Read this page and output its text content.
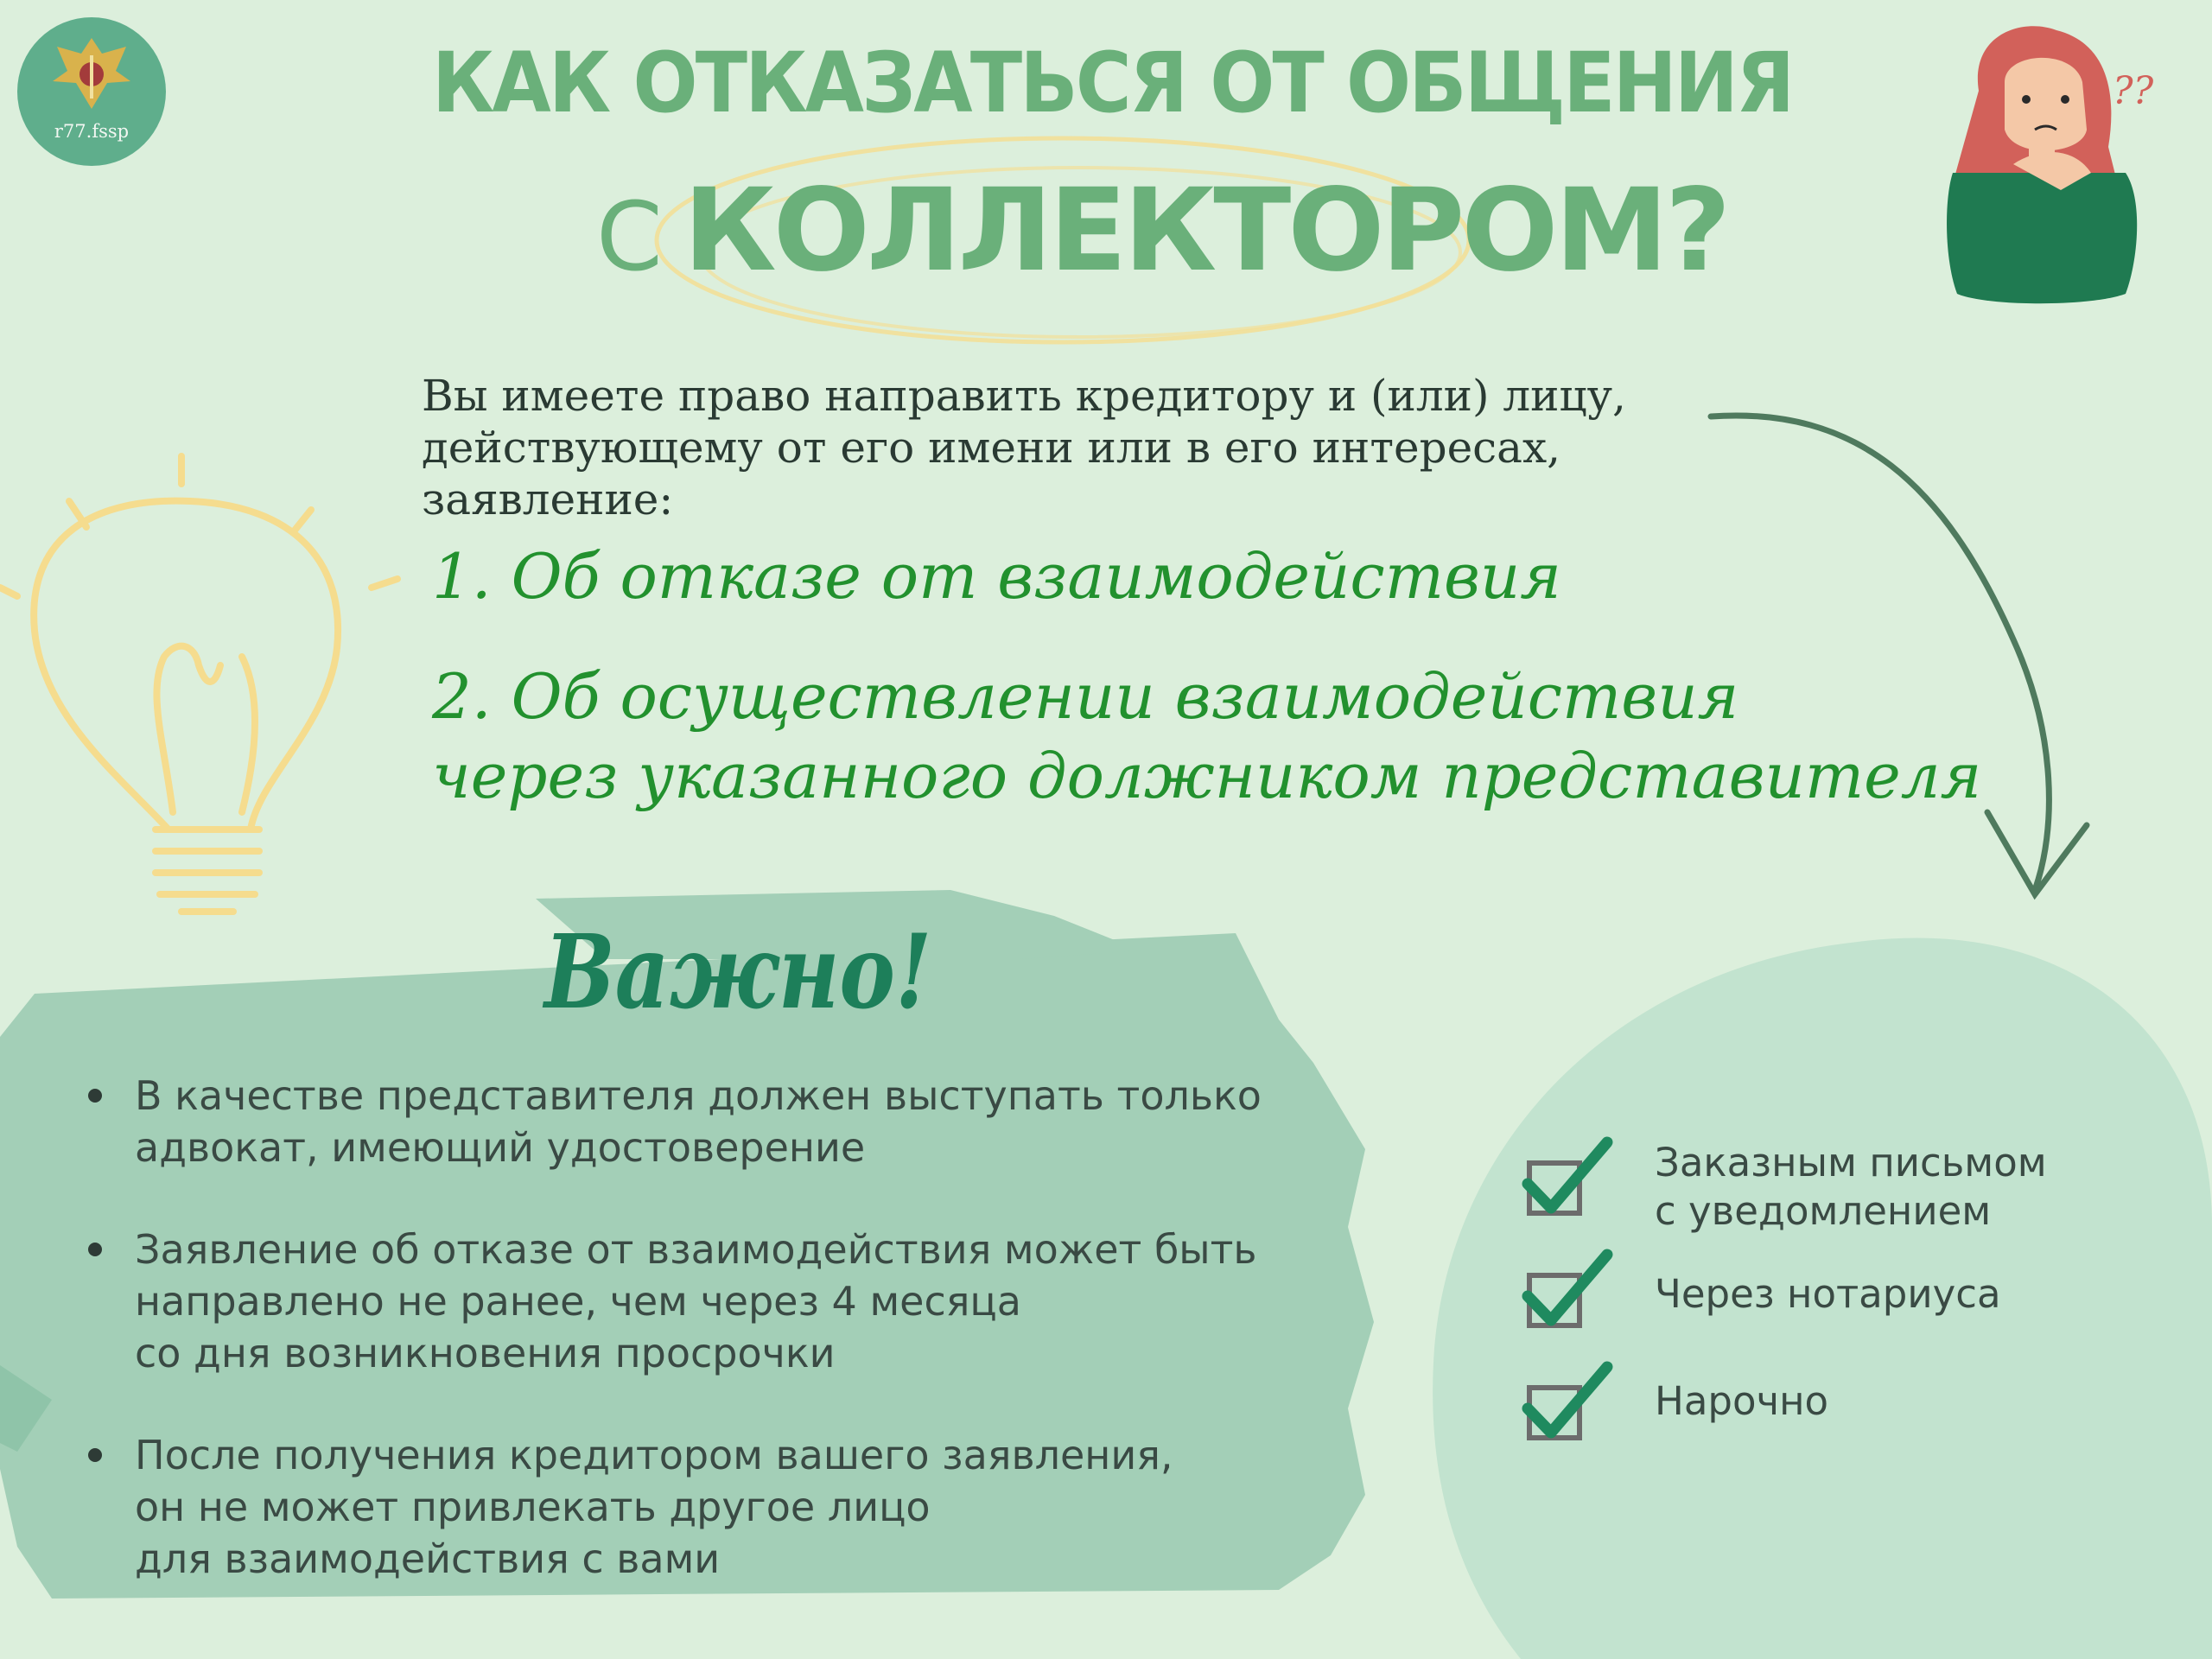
r77.fssp	КАК ОТКАЗАТЬСЯ ОТ ОБЩЕНИЯ
С КОЛЛЕКТОРОМ?
??
Вы имеете право направить кредитору и (или) лицу,
действующему от его имени или в его интересах,
заявление:
1. Об отказе от взаимодействия
2. Об осуществлении взаимодействия
через указанного должником представителя
Важно!
В качестве представителя должен выступать только
адвокат, имеющий удостоверение
Заявление об отказе от взаимодействия может быть
направлено не ранее, чем через 4 месяца
со дня возникновения просрочки
После получения кредитором вашего заявления,
он не может привлекать другое лицо
для взаимодействия с вами
Заказным письмом
с уведомлением
Через нотариуса
Нарочно
